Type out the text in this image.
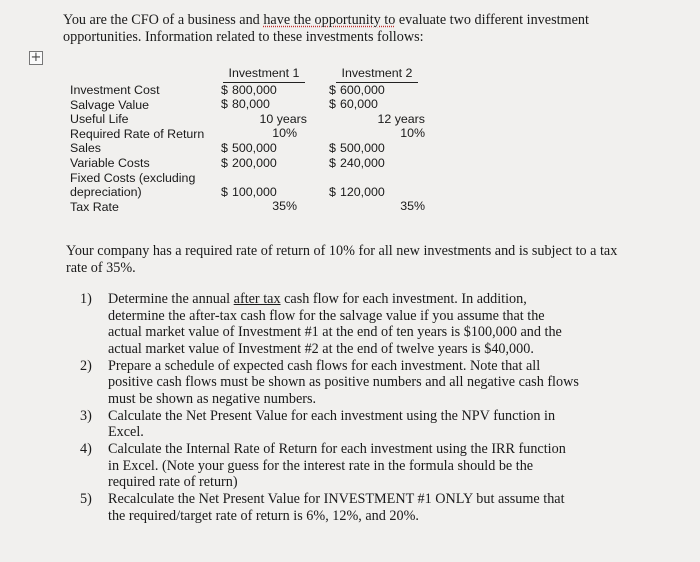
You are the CFO of a business and have the opportunity to evaluate two different investment opportunities. Information related to these investments follows:
+
Investment Cost
Salvage Value
Useful Life
Required Rate of Return
Sales
Variable Costs
Fixed Costs (excluding
depreciation)
Tax Rate
Investment 1
$ 800,000
$ 80,000
10 years
10%
$ 500,000
$ 200,000
$ 100,000
35%
Investment 2
$ 600,000
$ 60,000
12 years
10%
$ 500,000
$ 240,000
$ 120,000
35%
Your company has a required rate of return of 10% for all new investments and is subject to a tax rate of 35%.
1) Determine the annual after tax cash flow for each investment. In addition, determine the after-tax cash flow for the salvage value if you assume that the actual market value of Investment #1 at the end of ten years is $100,000 and the actual market value of Investment #2 at the end of twelve years is $40,000.
2) Prepare a schedule of expected cash flows for each investment. Note that all positive cash flows must be shown as positive numbers and all negative cash flows must be shown as negative numbers.
3) Calculate the Net Present Value for each investment using the NPV function in Excel.
4) Calculate the Internal Rate of Return for each investment using the IRR function in Excel. (Note your guess for the interest rate in the formula should be the required rate of return)
5) Recalculate the Net Present Value for INVESTMENT #1 ONLY but assume that the required/target rate of return is 6%, 12%, and 20%.
